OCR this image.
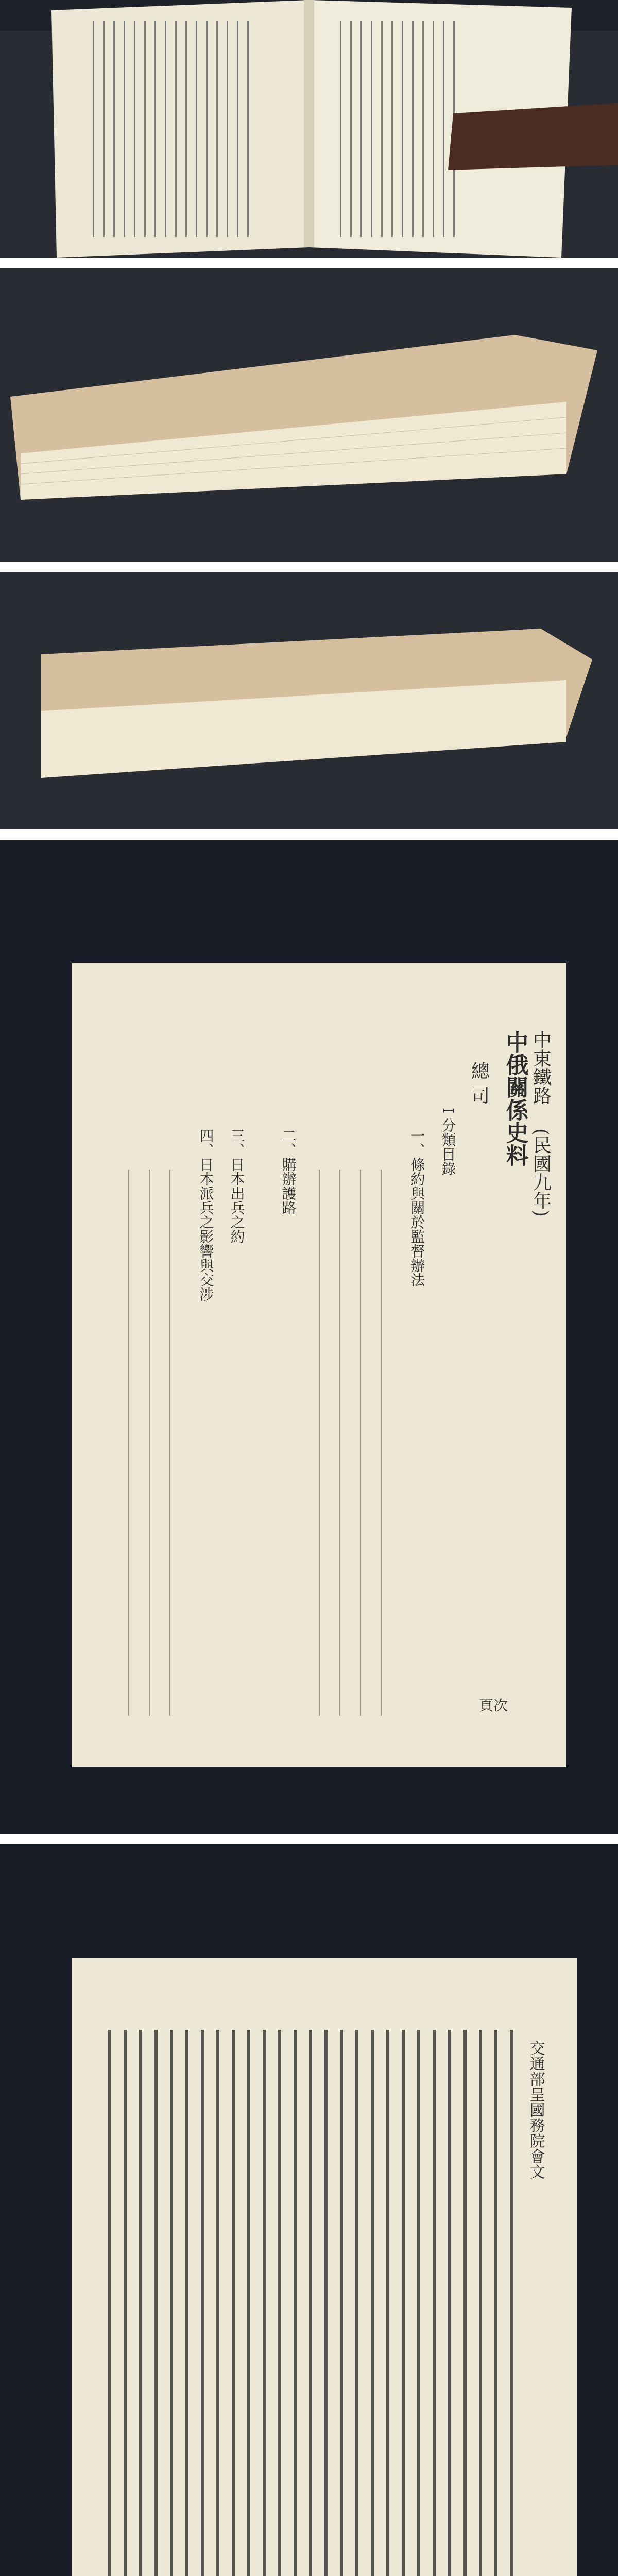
中俄關係史料 中東鐵路
(民國九年)
總 司
I 分類目錄
一、條約與關於監督辦法
二、購辦護路
三、日本出兵之約
四、日本派兵之影響與交涉
頁次
交通部呈國務院會文
